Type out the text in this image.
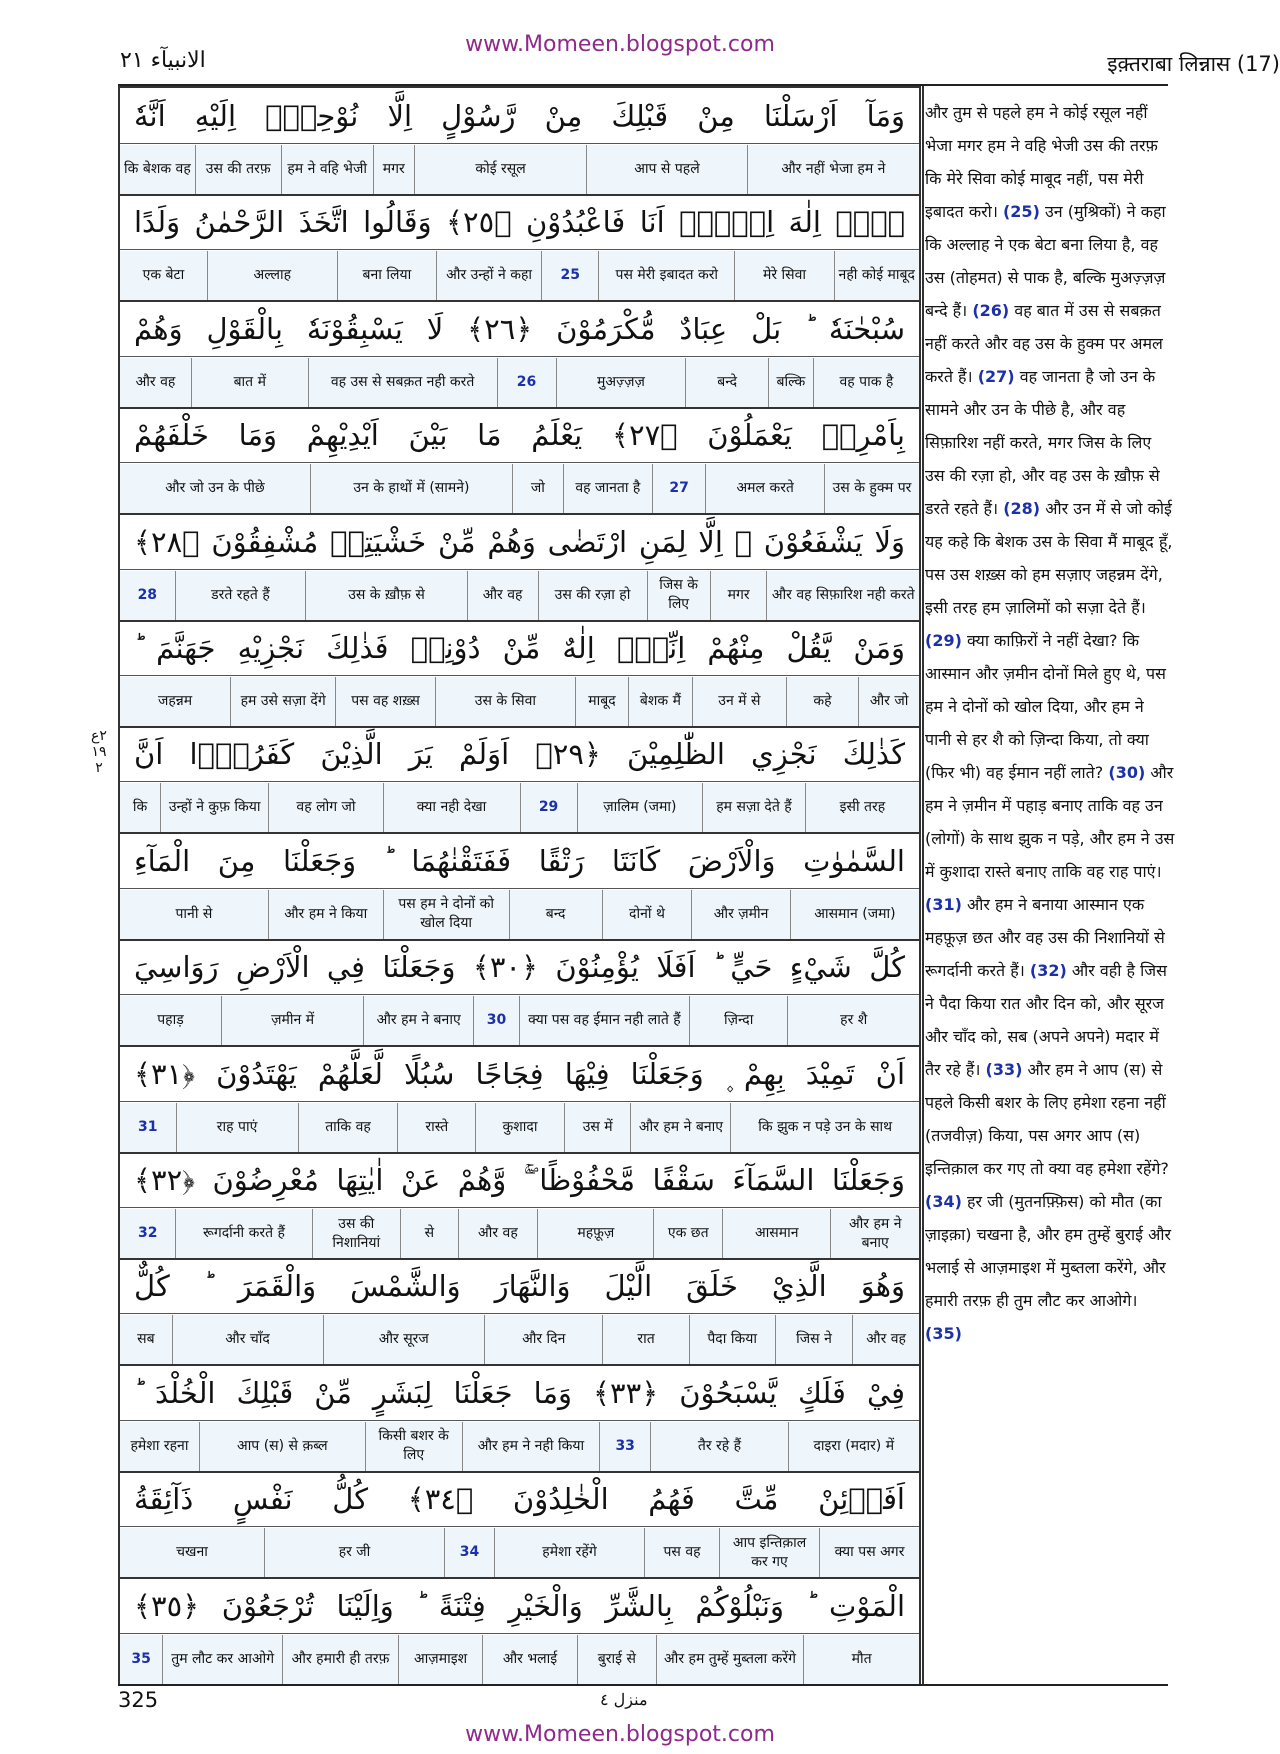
www.Momeen.blogspot.com
الانبيآء ٢١	इक़्तराबा लिन्नास (17)
٢ع ١٩ ٢
وَمَآ اَرْسَلْنَا مِنْ قَبْلِكَ مِنْ رَّسُوْلٍ اِلَّا نُوْحِيْۤ اِلَيْهِ اَنَّهٗ
और नहीं भेजा हम ने
आप से पहले
कोई रसूल
मगर
हम ने वहि भेजी
उस की तरफ़
कि बेशक वह
لَاۤ اِلٰهَ اِلَّاۤ اَنَا فَاعْبُدُوْنِ ﴿٢٥﴾ وَقَالُوا اتَّخَذَ الرَّحْمٰنُ وَلَدًا
नही कोई माबूद
मेरे सिवा
पस मेरी इबादत करो
25
और उन्हों ने कहा
बना लिया
अल्लाह
एक बेटा
سُبْحٰنَهٗ ؕ بَلْ عِبَادٌ مُّكْرَمُوْنَ ﴿٢٦﴾ لَا يَسْبِقُوْنَهٗ بِالْقَوْلِ وَهُمْ
वह पाक है
बल्कि
बन्दे
मुअज़्ज़ज़
26
वह उस से सबक़त नही करते
बात में
और वह
بِاَمْرِهٖ يَعْمَلُوْنَ ﴿٢٧﴾ يَعْلَمُ مَا بَيْنَ اَيْدِيْهِمْ وَمَا خَلْفَهُمْ
उस के हुक्म पर
अमल करते
27
वह जानता है
जो
उन के हाथों में (सामने)
और जो उन के पीछे
وَلَا يَشْفَعُوْنَ ۙ اِلَّا لِمَنِ ارْتَضٰى وَهُمْ مِّنْ خَشْيَتِهٖ مُشْفِقُوْنَ ﴿٢٨﴾
और वह सिफ़ारिश नही करते
मगर
जिस के लिए
उस की रज़ा हो
और वह
उस के ख़ौफ़ से
डरते रहते हैं
28
وَمَنْ يَّقُلْ مِنْهُمْ اِنِّيْۤ اِلٰهٌ مِّنْ دُوْنِهٖ فَذٰلِكَ نَجْزِيْهِ جَهَنَّمَ ؕ
और जो
कहे
उन में से
बेशक मैं
माबूद
उस के सिवा
पस वह शख़्स
हम उसे सज़ा देंगे
जहन्नम
كَذٰلِكَ نَجْزِي الظّٰلِمِيْنَ ﴿٢٩﴾ اَوَلَمْ يَرَ الَّذِيْنَ كَفَرُوْۤا اَنَّ
इसी तरह
हम सज़ा देते हैं
ज़ालिम (जमा)
29
क्या नही देखा
वह लोग जो
उन्हों ने कुफ़ किया
कि
السَّمٰوٰتِ وَالْاَرْضَ كَانَتَا رَتْقًا فَفَتَقْنٰهُمَا ؕ وَجَعَلْنَا مِنَ الْمَآءِ
आसमान (जमा)
और ज़मीन
दोनों थे
बन्द
पस हम ने दोनों को खोल दिया
और हम ने किया
पानी से
كُلَّ شَيْءٍ حَيٍّ ؕ اَفَلَا يُؤْمِنُوْنَ ﴿٣٠﴾ وَجَعَلْنَا فِي الْاَرْضِ رَوَاسِيَ
हर शै
ज़िन्दा
क्या पस वह ईमान नही लाते हैं
30
और हम ने बनाए
ज़मीन में
पहाड़
اَنْ تَمِيْدَ بِهِمْ ۪ وَجَعَلْنَا فِيْهَا فِجَاجًا سُبُلًا لَّعَلَّهُمْ يَهْتَدُوْنَ ﴿٣١﴾
कि झुक न पड़े उन के साथ
और हम ने बनाए
उस में
कुशादा
रास्ते
ताकि वह
राह पाएं
31
وَجَعَلْنَا السَّمَآءَ سَقْفًا مَّحْفُوْظًا ۚۖ وَّهُمْ عَنْ اٰيٰتِهَا مُعْرِضُوْنَ ﴿٣٢﴾
और हम ने बनाए
आसमान
एक छत
महफ़ूज़
और वह
से
उस की निशानियां
रूगर्दानी करते हैं
32
وَهُوَ الَّذِيْ خَلَقَ الَّيْلَ وَالنَّهَارَ وَالشَّمْسَ وَالْقَمَرَ ؕ كُلٌّ
और वह
जिस ने
पैदा किया
रात
और दिन
और सूरज
और चाँद
सब
فِيْ فَلَكٍ يَّسْبَحُوْنَ ﴿٣٣﴾ وَمَا جَعَلْنَا لِبَشَرٍ مِّنْ قَبْلِكَ الْخُلْدَ ؕ
दाइरा (मदार) में
तैर रहे हैं
33
और हम ने नही किया
किसी बशर के लिए
आप (स) से क़ब्ल
हमेशा रहना
اَفَاۡئِنْ مِّتَّ فَهُمُ الْخٰلِدُوْنَ ﴿٣٤﴾ كُلُّ نَفْسٍ ذَآئِقَةُ
क्या पस अगर
आप इन्तिक़ाल कर गए
पस वह
हमेशा रहेंगे
34
हर जी
चखना
الْمَوْتِ ؕ وَنَبْلُوْكُمْ بِالشَّرِّ وَالْخَيْرِ فِتْنَةً ؕ وَاِلَيْنَا تُرْجَعُوْنَ ﴿٣٥﴾
मौत
और हम तुम्हें मुब्तला करेंगे
बुराई से
और भलाई
आज़माइश
और हमारी ही तरफ़
तुम लौट कर आओगे
35
और तुम से पहले हम ने कोई रसूल नहीं भेजा मगर हम ने वहि भेजी उस की तरफ़ कि मेरे सिवा कोई माबूद नहीं, पस मेरी इबादत करो। (25) उन (मुश्रिकों) ने कहा कि अल्लाह ने एक बेटा बना लिया है, वह उस (तोहमत) से पाक है, बल्कि मुअज़्ज़ज़ बन्दे हैं। (26) वह बात में उस से सबक़त नहीं करते और वह उस के हुक्म पर अमल करते हैं। (27) वह जानता है जो उन के सामने और उन के पीछे है, और वह सिफ़ारिश नहीं करते, मगर जिस के लिए उस की रज़ा हो, और वह उस के ख़ौफ़ से डरते रहते हैं। (28) और उन में से जो कोई यह कहे कि बेशक उस के सिवा मैं माबूद हूँ, पस उस शख़्स को हम सज़ाए जहन्नम देंगे, इसी तरह हम ज़ालिमों को सज़ा देते हैं। (29) क्या काफ़िरों ने नहीं देखा? कि आस्मान और ज़मीन दोनों मिले हुए थे, पस हम ने दोनों को खोल दिया, और हम ने पानी से हर शै को ज़िन्दा किया, तो क्या (फिर भी) वह ईमान नहीं लाते? (30) और हम ने ज़मीन में पहाड़ बनाए ताकि वह उन (लोगों) के साथ झुक न पड़े, और हम ने उस में कुशादा रास्ते बनाए ताकि वह राह पाएं। (31) और हम ने बनाया आस्मान एक महफ़ूज़ छत और वह उस की निशानियों से रूगर्दानी करते हैं। (32) और वही है जिस ने पैदा किया रात और दिन को, और सूरज और चाँद को, सब (अपने अपने) मदार में तैर रहे हैं। (33) और हम ने आप (स) से पहले किसी बशर के लिए हमेशा रहना नहीं (तजवीज़) किया, पस अगर आप (स) इन्तिक़ाल कर गए तो क्या वह हमेशा रहेंगे? (34) हर जी (मुतनफ़्फ़िस) को मौत (का ज़ाइक़ा) चखना है, और हम तुम्हें बुराई और भलाई से आज़माइश में मुब्तला करेंगे, और हमारी तरफ़ ही तुम लौट कर आओगे। (35)
325	منزل ٤
www.Momeen.blogspot.com
